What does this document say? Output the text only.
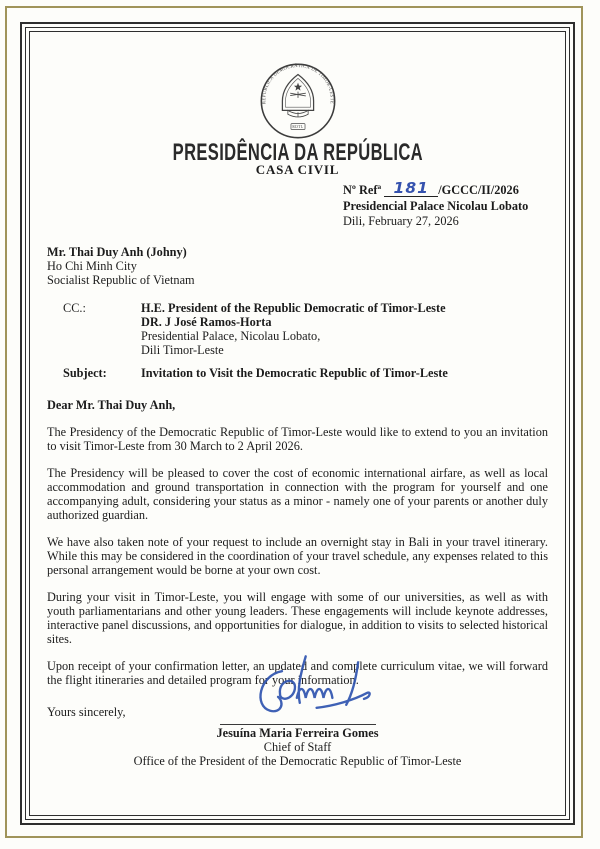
REPÚBLICA DEMOCRÁTICA DE TIMOR-LESTE
RDTL
PRESIDÊNCIA DA REPÚBLICA
CASA CIVIL
Nº Refª 181 /GCCC/II/2026
Presidencial Palace Nicolau Lobato
Dili, February 27, 2026
Mr. Thai Duy Anh (Johny)
Ho Chi Minh City
Socialist Republic of Vietnam
CC.:	H.E. President of the Republic Democratic of Timor-Leste
DR. J José Ramos-Horta
Presidential Palace, Nicolau Lobato,
Dili Timor-Leste
Subject:	Invitation to Visit the Democratic Republic of Timor-Leste
Dear Mr. Thai Duy Anh,

The Presidency of the Democratic Republic of Timor-Leste would like to extend to you an invitation to visit Timor-Leste from 30 March to 2 April 2026.

The Presidency will be pleased to cover the cost of economic international airfare, as well as local accommodation and ground transportation in connection with the program for yourself and one accompanying adult, considering your status as a minor - namely one of your parents or another duly authorized guardian.

We have also taken note of your request to include an overnight stay in Bali in your travel itinerary. While this may be considered in the coordination of your travel schedule, any expenses related to this personal arrangement would be borne at your own cost.

During your visit in Timor-Leste, you will engage with some of our universities, as well as with youth parliamentarians and other young leaders. These engagements will include keynote addresses, interactive panel discussions, and opportunities for dialogue, in addition to visits to selected historical sites.

Upon receipt of your confirmation letter, an updated and complete curriculum vitae, we will forward the flight itineraries and detailed program for your information.

Yours sincerely,
Jesuína Maria Ferreira Gomes
Chief of Staff
Office of the President of the Democratic Republic of Timor-Leste
